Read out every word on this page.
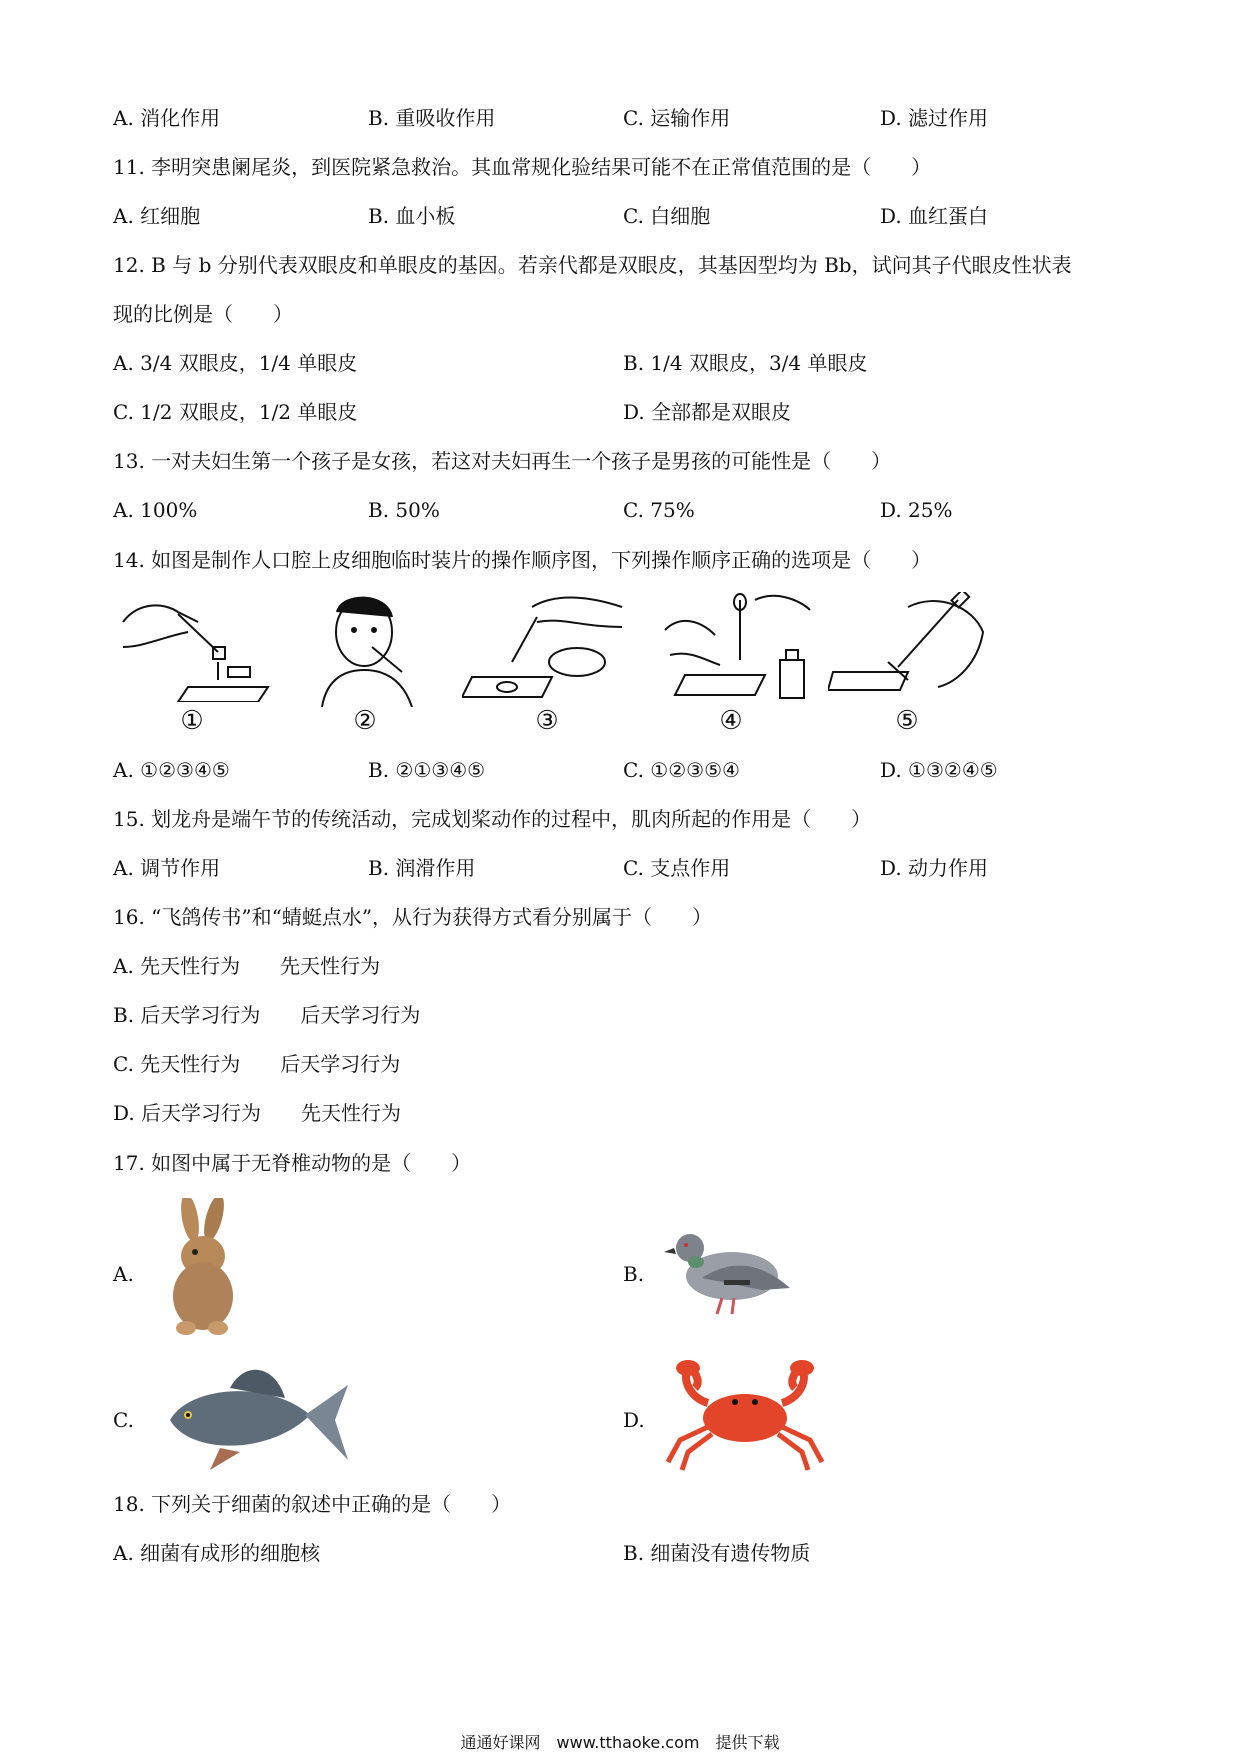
A. 消化作用	B. 重吸收作用	C. 运输作用	D. 滤过作用
11. 李明突患阑尾炎，到医院紧急救治。其血常规化验结果可能不在正常值范围的是（　　）
A. 红细胞	B. 血小板	C. 白细胞	D. 血红蛋白
12. B 与 b 分别代表双眼皮和单眼皮的基因。若亲代都是双眼皮，其基因型均为 Bb，试问其子代眼皮性状表
现的比例是（　　）
A. 3/4 双眼皮，1/4 单眼皮	B. 1/4 双眼皮，3/4 单眼皮
C. 1/2 双眼皮，1/2 单眼皮	D. 全部都是双眼皮
13. 一对夫妇生第一个孩子是女孩，若这对夫妇再生一个孩子是男孩的可能性是（　　）
A. 100%	B. 50%	C. 75%	D. 25%
14. 如图是制作人口腔上皮细胞临时装片的操作顺序图，下列操作顺序正确的选项是（　　）
①	②	③	④	⑤
A. ①②③④⑤	B. ②①③④⑤	C. ①②③⑤④	D. ①③②④⑤
15. 划龙舟是端午节的传统活动，完成划桨动作的过程中，肌肉所起的作用是（　　）
A. 调节作用	B. 润滑作用	C. 支点作用	D. 动力作用
16. “飞鸽传书”和“蜻蜓点水”，从行为获得方式看分别属于（　　）
A. 先天性行为　　先天性行为
B. 后天学习行为　　后天学习行为
C. 先天性行为　　后天学习行为
D. 后天学习行为　　先天性行为
17. 如图中属于无脊椎动物的是（　　）
A.	B.
C.	D.
18. 下列关于细菌的叙述中正确的是（　　）
A. 细菌有成形的细胞核	B. 细菌没有遗传物质
通通好课网　www.tthaoke.com　提供下载
